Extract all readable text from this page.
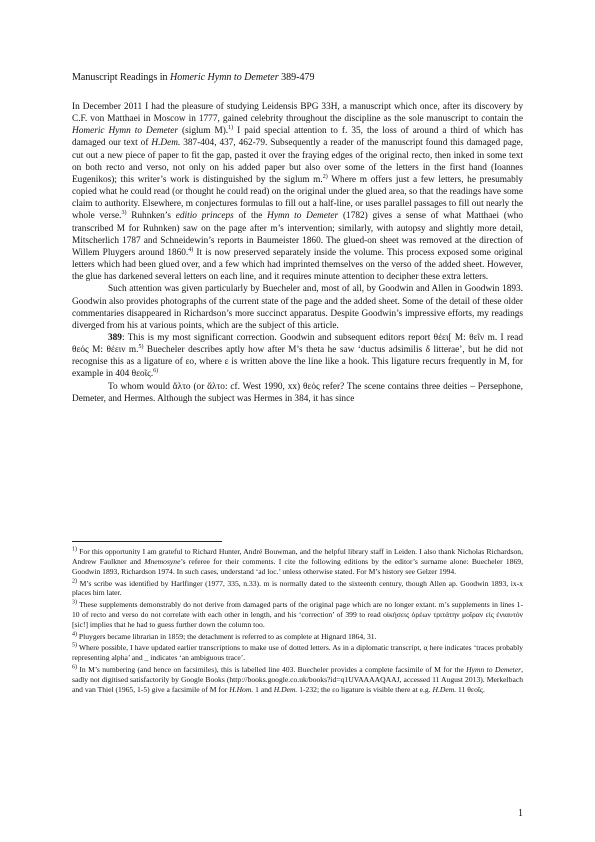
Manuscript Readings in Homeric Hymn to Demeter 389-479

In December 2011 I had the pleasure of studying Leidensis BPG 33H, a manuscript which once, after its discovery by C.F. von Matthaei in Moscow in 1777, gained celebrity throughout the discipline as the sole manuscript to contain the Homeric Hymn to Demeter (siglum M).$^{1)}$ I paid special attention to f. 35, the loss of around a third of which has damaged our text of H.Dem. 387-404, 437, 462-79. Subsequently a reader of the manuscript found this damaged page, cut out a new piece of paper to fit the gap, pasted it over the fraying edges of the original recto, then inked in some text on both recto and verso, not only on his added paper but also over some of the letters in the first hand (Ioannes Eugenikos); this writer’s work is distinguished by the siglum m.$^{2)}$ Where m offers just a few letters, he presumably copied what he could read (or thought he could read) on the original under the glued area, so that the readings have some claim to authority. Elsewhere, m conjectures formulas to fill out a half-line, or uses parallel passages to fill out nearly the whole verse.$^{3)}$ Ruhnken’s editio princeps of the Hymn to Demeter (1782) gives a sense of what Matthaei (who transcribed M for Ruhnken) saw on the page after m’s intervention; similarly, with autopsy and slightly more detail, Mitscherlich 1787 and Schneidewin’s reports in Baumeister 1860. The glued-on sheet was removed at the direction of Willem Pluygers around 1860.$^{4)}$ It is now preserved separately inside the volume. This process exposed some original letters which had been glued over, and a few which had imprinted themselves on the verso of the added sheet. However, the glue has darkened several letters on each line, and it requires minute attention to decipher these extra letters.

Such attention was given particularly by Buecheler and, most of all, by Goodwin and Allen in Goodwin 1893. Goodwin also provides photographs of the current state of the page and the added sheet. Some of the detail of these older commentaries disappeared in Richardson’s more succinct apparatus. Despite Goodwin’s impressive efforts, my readings diverged from his at various points, which are the subject of this article.

389: This is my most significant correction. Goodwin and subsequent editors report θέει[ M: θεῖν m. I read θεός M: θέειν m.$^{5)}$ Buecheler describes aptly how after M’s theta he saw ‘ductus adsimilis δ litterae’, but he did not recognise this as a ligature of εο, where ε is written above the line like a hook. This ligature recurs frequently in M, for example in 404 θεοῖς.$^{6)}$

To whom would ἄλτο (or ἄλτο: cf. West 1990, xx) θεός refer? The scene contains three deities – Persephone, Demeter, and Hermes. Although the subject was Hermes in 384, it has since

$^{1)}$ For this opportunity I am grateful to Richard Hunter, André Bouwman, and the helpful library staff in Leiden. I also thank Nicholas Richardson, Andrew Faulkner and Mnemosyne’s referee for their comments. I cite the following editions by the editor’s surname alone: Buecheler 1869, Goodwin 1893, Richardson 1974. In such cases, understand ‘ad loc.’ unless otherwise stated. For M’s history see Gelzer 1994.

$^{2)}$ M’s scribe was identified by Harlfinger (1977, 335, n.33). m is normally dated to the sixteenth century, though Allen ap. Goodwin 1893, ix-x places him later.

$^{3)}$ These supplements demonstrably do not derive from damaged parts of the original page which are no longer extant. m’s supplements in lines 1-10 of recto and verso do not correlate with each other in length, and his ‘correction’ of 399 to read οἰκήσεις ὀρέων τριτάτην μοῖραν εἰς ἐνιαυτόν [sic!] implies that he had to guess further down the column too.

$^{4)}$ Pluygers became librarian in 1859; the detachment is referred to as complete at Hignard 1864, 31.

$^{5)}$ Where possible, I have updated earlier transcriptions to make use of dotted letters. As in a diplomatic transcript, α̣ here indicates ‘traces probably representing alpha’ and _ indicates ‘an ambiguous trace’.

$^{6)}$ In M’s numbering (and hence on facsimiles), this is labelled line 403. Buecheler provides a complete facsimile of M for the Hymn to Demeter, sadly not digitised satisfactorily by Google Books (http://books.google.co.uk/books?id=q1UVAAAAQAAJ, accessed 11 August 2013). Merkelbach and van Thiel (1965, 1-5) give a facsimile of M for H.Hom. 1 and H.Dem. 1-232; the εο ligature is visible there at e.g. H.Dem. 11 θεοῖς.

1
